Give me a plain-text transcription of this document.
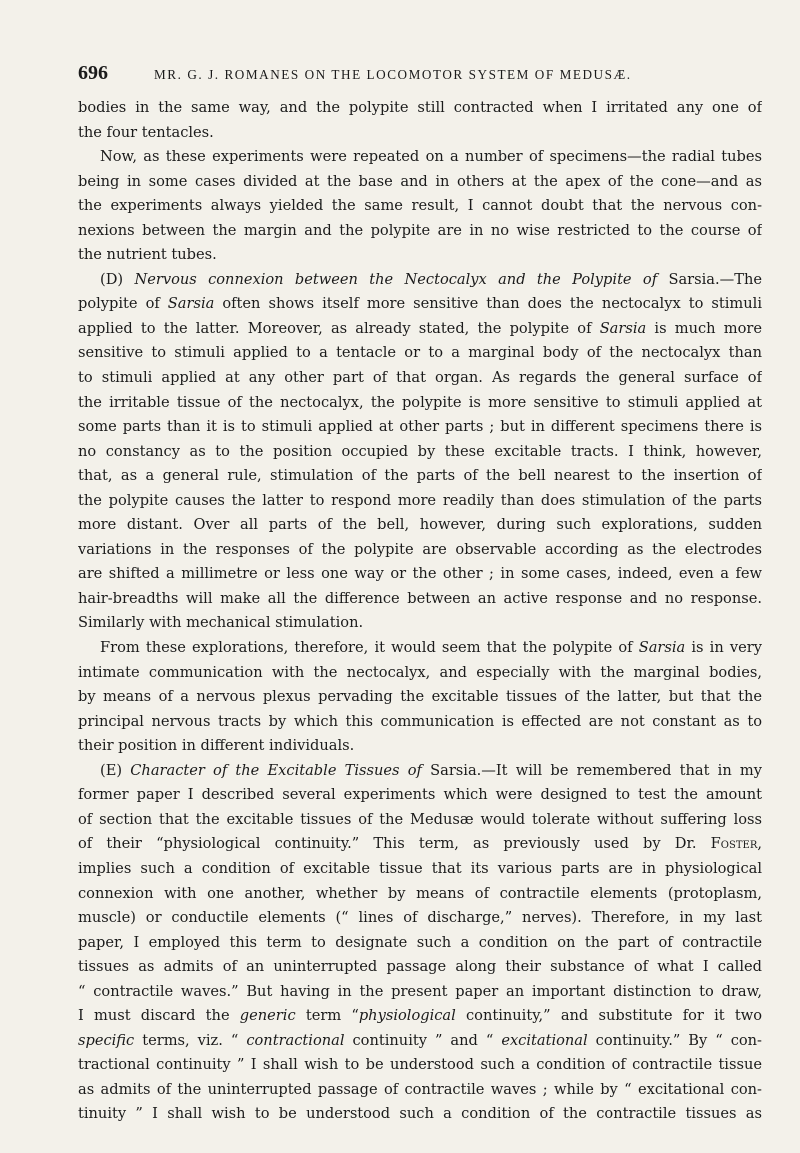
696	MR. G. J. ROMANES ON THE LOCOMOTOR SYSTEM OF MEDUSÆ.
bodies in the same way, and the polypite still contracted when I irritated any one of
the four tentacles.
Now, as these experiments were repeated on a number of specimens—the radial tubes
being in some cases divided at the base and in others at the apex of the cone—and as
the experiments always yielded the same result, I cannot doubt that the nervous con-
nexions between the margin and the polypite are in no wise restricted to the course of
the nutrient tubes.
(D) Nervous connexion between the Nectocalyx and the Polypite of Sarsia.—The
polypite of Sarsia often shows itself more sensitive than does the nectocalyx to stimuli
applied to the latter. Moreover, as already stated, the polypite of Sarsia is much more
sensitive to stimuli applied to a tentacle or to a marginal body of the nectocalyx than
to stimuli applied at any other part of that organ. As regards the general surface of
the irritable tissue of the nectocalyx, the polypite is more sensitive to stimuli applied at
some parts than it is to stimuli applied at other parts ; but in different specimens there is
no constancy as to the position occupied by these excitable tracts. I think, however,
that, as a general rule, stimulation of the parts of the bell nearest to the insertion of
the polypite causes the latter to respond more readily than does stimulation of the parts
more distant. Over all parts of the bell, however, during such explorations, sudden
variations in the responses of the polypite are observable according as the electrodes
are shifted a millimetre or less one way or the other ; in some cases, indeed, even a few
hair-breadths will make all the difference between an active response and no response.
Similarly with mechanical stimulation.
From these explorations, therefore, it would seem that the polypite of Sarsia is in very
intimate communication with the nectocalyx, and especially with the marginal bodies,
by means of a nervous plexus pervading the excitable tissues of the latter, but that the
principal nervous tracts by which this communication is effected are not constant as to
their position in different individuals.
(E) Character of the Excitable Tissues of Sarsia.—It will be remembered that in my
former paper I described several experiments which were designed to test the amount
of section that the excitable tissues of the Medusæ would tolerate without suffering loss
of their “physiological continuity.” This term, as previously used by Dr. Foster,
implies such a condition of excitable tissue that its various parts are in physiological
connexion with one another, whether by means of contractile elements (protoplasm,
muscle) or conductile elements (“ lines of discharge,” nerves). Therefore, in my last
paper, I employed this term to designate such a condition on the part of contractile
tissues as admits of an uninterrupted passage along their substance of what I called
“ contractile waves.” But having in the present paper an important distinction to draw,
I must discard the generic term “physiological continuity,” and substitute for it two
specific terms, viz. “ contractional continuity ” and “ excitational continuity.” By “ con-
tractional continuity ” I shall wish to be understood such a condition of contractile tissue
as admits of the uninterrupted passage of contractile waves ; while by “ excitational con-
tinuity ” I shall wish to be understood such a condition of the contractile tissues as
